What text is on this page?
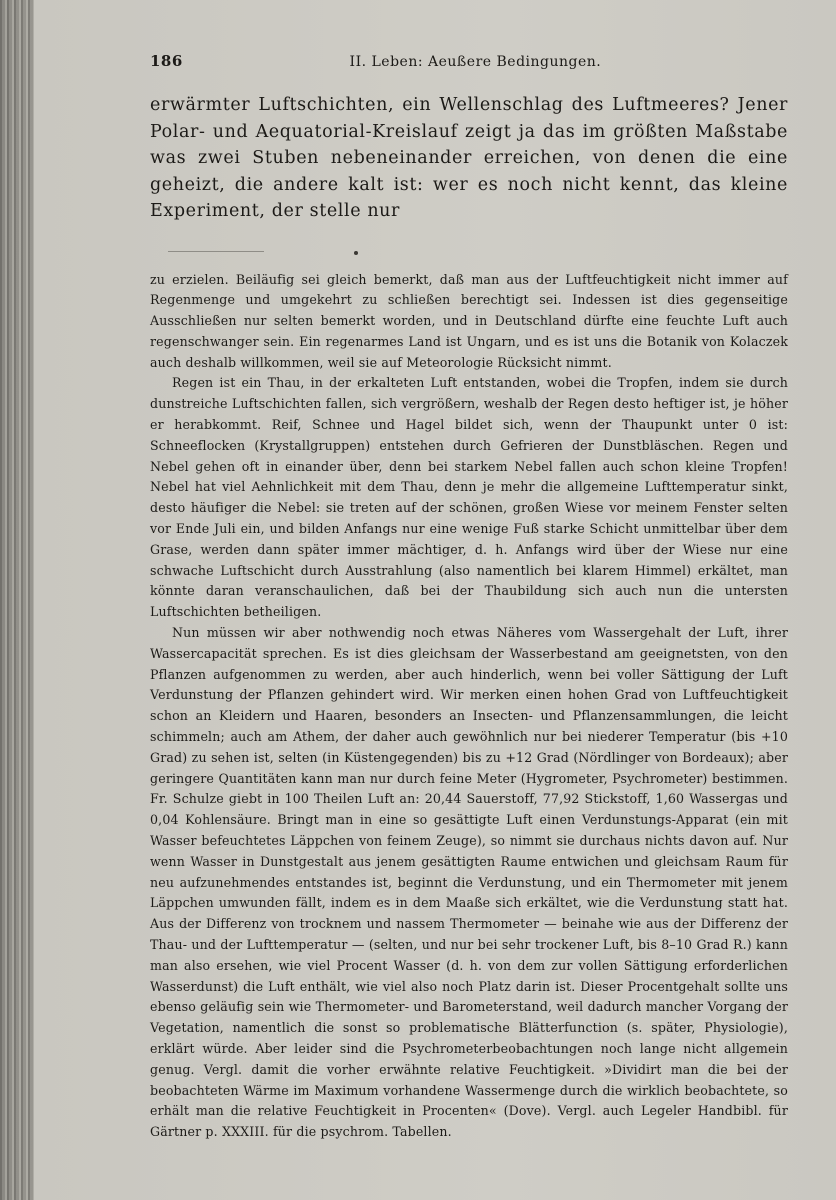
186	II. Leben: Aeußere Bedingungen.

erwärmter Luftschichten, ein Wellenschlag des Luftmeeres? Jener Polar- und Aequatorial-Kreislauf zeigt ja das im größten Maßstabe was zwei Stuben nebeneinander erreichen, von denen die eine geheizt, die andere kalt ist: wer es noch nicht kennt, das kleine Experiment, der stelle nur

zu erzielen. Beiläufig sei gleich bemerkt, daß man aus der Luftfeuchtigkeit nicht immer auf Regenmenge und umgekehrt zu schließen berechtigt sei. Indessen ist dies gegenseitige Ausschließen nur selten bemerkt worden, und in Deutschland dürfte eine feuchte Luft auch regenschwanger sein. Ein regenarmes Land ist Ungarn, und es ist uns die Botanik von Kolaczek auch deshalb willkommen, weil sie auf Meteorologie Rücksicht nimmt.

Regen ist ein Thau, in der erkalteten Luft entstanden, wobei die Tropfen, indem sie durch dunstreiche Luftschichten fallen, sich vergrößern, weshalb der Regen desto heftiger ist, je höher er herabkommt. Reif, Schnee und Hagel bildet sich, wenn der Thaupunkt unter 0 ist: Schneeflocken (Krystallgruppen) entstehen durch Gefrieren der Dunstbläschen. Regen und Nebel gehen oft in einander über, denn bei starkem Nebel fallen auch schon kleine Tropfen! Nebel hat viel Aehnlichkeit mit dem Thau, denn je mehr die allgemeine Lufttemperatur sinkt, desto häufiger die Nebel: sie treten auf der schönen, großen Wiese vor meinem Fenster selten vor Ende Juli ein, und bilden Anfangs nur eine wenige Fuß starke Schicht unmittelbar über dem Grase, werden dann später immer mächtiger, d. h. Anfangs wird über der Wiese nur eine schwache Luftschicht durch Ausstrahlung (also namentlich bei klarem Himmel) erkältet, man könnte daran veranschaulichen, daß bei der Thaubildung sich auch nun die untersten Luftschichten betheiligen.

Nun müssen wir aber nothwendig noch etwas Näheres vom Wassergehalt der Luft, ihrer Wassercapacität sprechen. Es ist dies gleichsam der Wasserbestand am geeignetsten, von den Pflanzen aufgenommen zu werden, aber auch hinderlich, wenn bei voller Sättigung der Luft Verdunstung der Pflanzen gehindert wird. Wir merken einen hohen Grad von Luftfeuchtigkeit schon an Kleidern und Haaren, besonders an Insecten- und Pflanzensammlungen, die leicht schimmeln; auch am Athem, der daher auch gewöhnlich nur bei niederer Temperatur (bis +10 Grad) zu sehen ist, selten (in Küstengegenden) bis zu +12 Grad (Nördlinger von Bordeaux); aber geringere Quantitäten kann man nur durch feine Meter (Hygrometer, Psychrometer) bestimmen. Fr. Schulze giebt in 100 Theilen Luft an: 20,44 Sauerstoff, 77,92 Stickstoff, 1,60 Wassergas und 0,04 Kohlensäure. Bringt man in eine so gesättigte Luft einen Verdunstungs-Apparat (ein mit Wasser befeuchtetes Läppchen von feinem Zeuge), so nimmt sie durchaus nichts davon auf. Nur wenn Wasser in Dunstgestalt aus jenem gesättigten Raume entwichen und gleichsam Raum für neu aufzunehmendes entstandes ist, beginnt die Verdunstung, und ein Thermometer mit jenem Läppchen umwunden fällt, indem es in dem Maaße sich erkältet, wie die Verdunstung statt hat. Aus der Differenz von trocknem und nassem Thermometer — beinahe wie aus der Differenz der Thau- und der Lufttemperatur — (selten, und nur bei sehr trockener Luft, bis 8–10 Grad R.) kann man also ersehen, wie viel Procent Wasser (d. h. von dem zur vollen Sättigung erforderlichen Wasserdunst) die Luft enthält, wie viel also noch Platz darin ist. Dieser Procentgehalt sollte uns ebenso geläufig sein wie Thermometer- und Barometerstand, weil dadurch mancher Vorgang der Vegetation, namentlich die sonst so problematische Blätterfunction (s. später, Physiologie), erklärt würde. Aber leider sind die Psychrometerbeobachtungen noch lange nicht allgemein genug. Vergl. damit die vorher erwähnte relative Feuchtigkeit. »Dividirt man die bei der beobachteten Wärme im Maximum vorhandene Wassermenge durch die wirklich beobachtete, so erhält man die relative Feuchtigkeit in Procenten« (Dove). Vergl. auch Legeler Handbibl. für Gärtner p. XXXIII. für die psychrom. Tabellen.
